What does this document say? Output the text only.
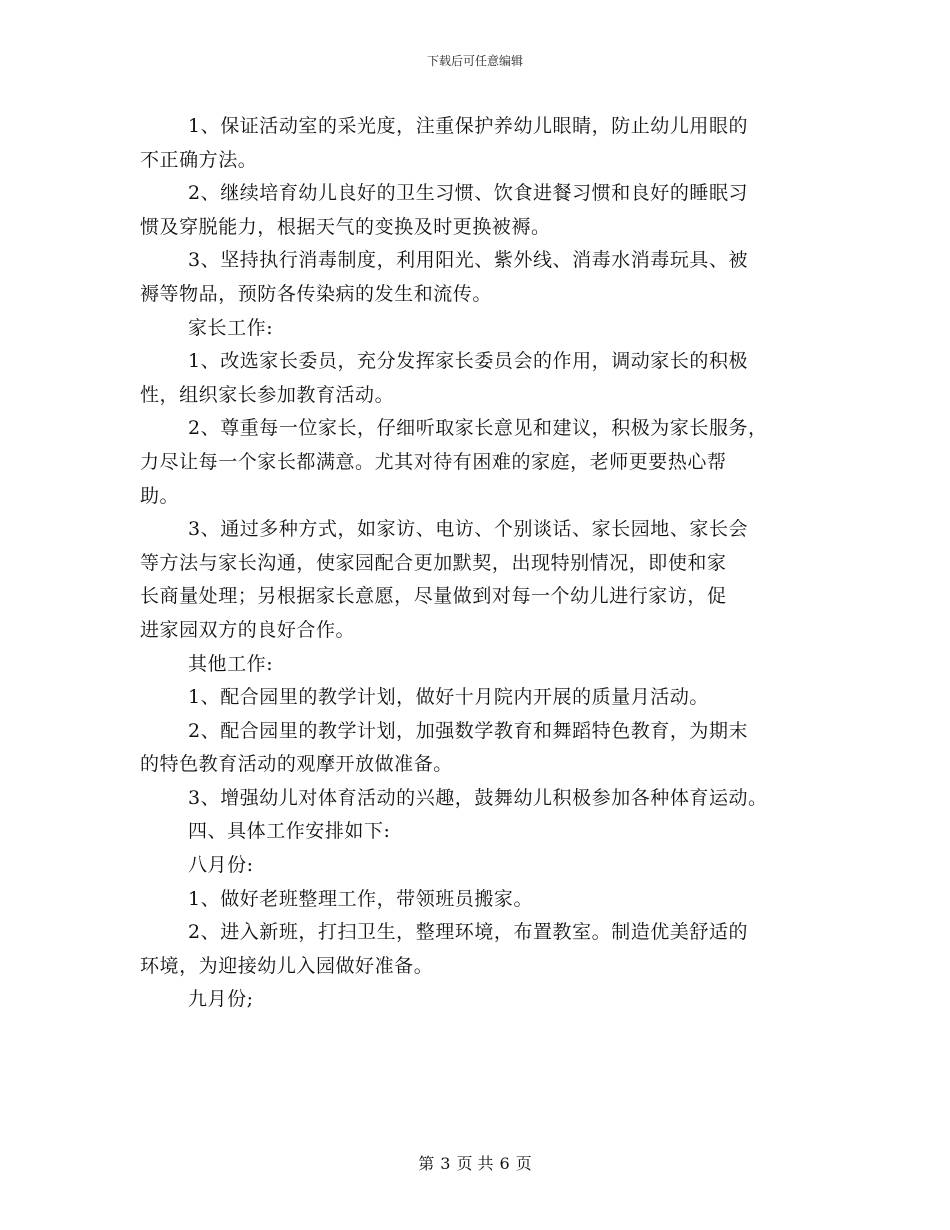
下载后可任意编辑
1、保证活动室的采光度，注重保护养幼儿眼睛，防止幼儿用眼的
不正确方法。
2、继续培育幼儿良好的卫生习惯、饮食进餐习惯和良好的睡眠习
惯及穿脱能力，根据天气的变换及时更换被褥。
3、坚持执行消毒制度，利用阳光、紫外线、消毒水消毒玩具、被
褥等物品，预防各传染病的发生和流传。
家长工作:
1、改选家长委员，充分发挥家长委员会的作用，调动家长的积极
性，组织家长参加教育活动。
2、尊重每一位家长，仔细听取家长意见和建议，积极为家长服务，
力尽让每一个家长都满意。尤其对待有困难的家庭，老师更要热心帮
助。
3、通过多种方式，如家访、电访、个别谈话、家长园地、家长会
等方法与家长沟通，使家园配合更加默契，出现特别情况，即使和家
长商量处理；另根据家长意愿，尽量做到对每一个幼儿进行家访，促
进家园双方的良好合作。
其他工作:
1、配合园里的教学计划，做好十月院内开展的质量月活动。
2、配合园里的教学计划，加强数学教育和舞蹈特色教育，为期末
的特色教育活动的观摩开放做准备。
3、增强幼儿对体育活动的兴趣，鼓舞幼儿积极参加各种体育运动。
四、具体工作安排如下:
八月份:
1、做好老班整理工作，带领班员搬家。
2、进入新班，打扫卫生，整理环境，布置教室。制造优美舒适的
环境，为迎接幼儿入园做好准备。
九月份;
第 3 页 共 6 页
